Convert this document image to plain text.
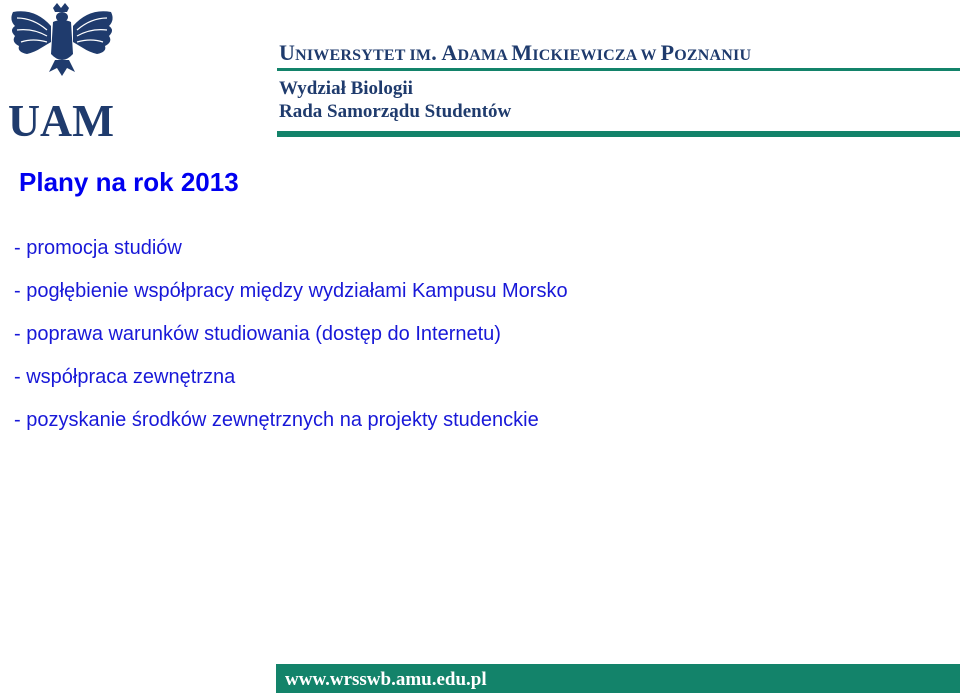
UAM
UNIWERSYTET IM. ADAMA MICKIEWICZA W POZNANIU
Wydział Biologii
Rada Samorządu Studentów
Plany na rok 2013
- promocja studiów
- pogłębienie współpracy między wydziałami Kampusu Morsko
- poprawa warunków studiowania (dostęp do Internetu)
- współpraca zewnętrzna
- pozyskanie środków zewnętrznych na projekty studenckie
www.wrsswb.amu.edu.pl
